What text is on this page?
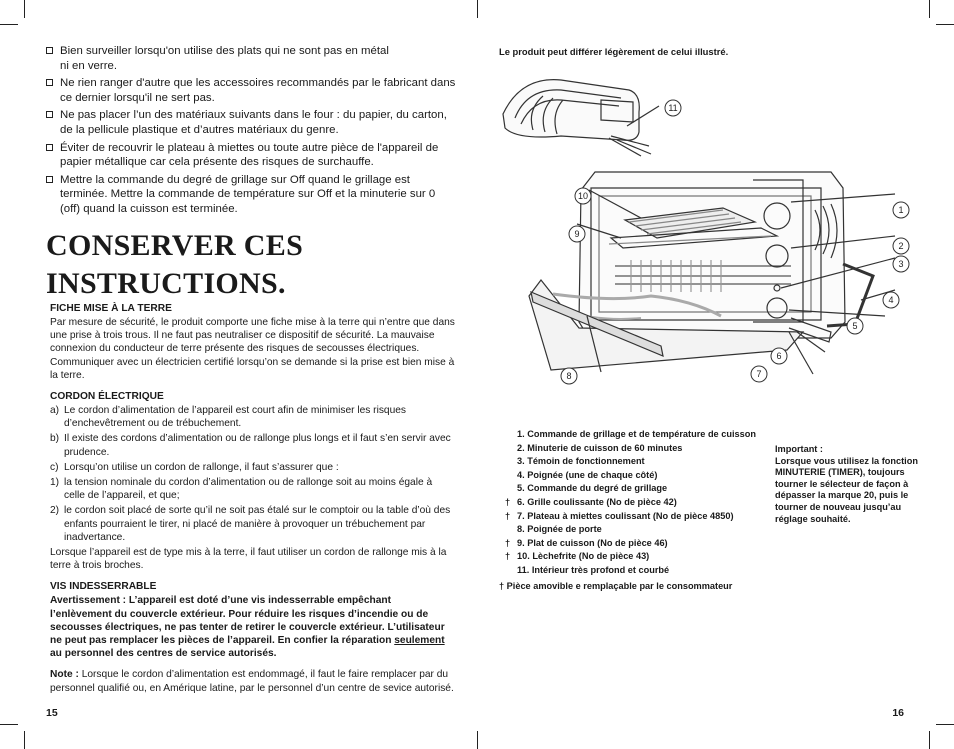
Bien surveiller lorsqu'on utilise des plats qui ne sont pas en métal
ni en verre.
Ne rien ranger d'autre que les accessoires recommandés par le fabricant dans ce dernier lorsqu'il ne sert pas.
Ne pas placer l’un des matériaux suivants dans le four : du papier, du carton, de la pellicule plastique et d’autres matériaux du genre.
Éviter de recouvrir le plateau à miettes ou toute autre pièce de l'appareil de papier métallique car cela présente des risques de surchauffe.
Mettre la commande du degré de grillage sur Off quand le grillage est terminée. Mettre la commande de température sur Off et la minuterie sur 0 (off) quand la cuisson est terminée.
CONSERVER CES INSTRUCTIONS.
FICHE MISE À LA TERRE

Par mesure de sécurité, le produit comporte une fiche mise à la terre qui n’entre que dans une prise à trois trous. Il ne faut pas neutraliser ce dispositif de sécurité. La mauvaise connexion du conducteur de terre présente des risques de secousses électriques. Communiquer avec un électricien certifié lorsqu’on se demande si la prise est bien mise à la terre.

CORDON ÉLECTRIQUE
a) Le cordon d’alimentation de l’appareil est court afin de minimiser les risques d’enchevêtrement ou de trébuchement.
b) Il existe des cordons d’alimentation ou de rallonge plus longs et il faut s’en servir avec prudence.
c) Lorsqu’on utilise un cordon de rallonge, il faut s’assurer que :
1) la tension nominale du cordon d’alimentation ou de rallonge soit au moins égale à celle de l’appareil, et que;
2) le cordon soit placé de sorte qu’il ne soit pas étalé sur le comptoir ou la table d’où des enfants pourraient le tirer, ni placé de manière à provoquer un trébuchement par inadvertance.

Lorsque l’appareil est de type mis à la terre, il faut utiliser un cordon de rallonge mis à la terre à trois broches.

VIS INDESSERRABLE

Avertissement : L’appareil est doté d’une vis indesserrable empêchant l’enlèvement du couvercle extérieur. Pour réduire les risques d’incendie ou de secousses électriques, ne pas tenter de retirer le couvercle extérieur. L’utilisateur ne peut pas remplacer les pièces de l’appareil. En confier la réparation seulement au personnel des centres de service autorisés.

Note : Lorsque le cordon d’alimentation est endommagé, il faut le faire remplacer par du personnel qualifié ou, en Amérique latine, par le personnel d’un centre de sevice autorisé.

15
Le produit peut différer légèrement de celui illustré.
1
2
3
4
5
6
7
8
9
10
11
1. Commande de grillage et de température de cuisson
2. Minuterie de cuisson de 60 minutes
3. Témoin de fonctionnement
4. Poignée (une de chaque côté)
5. Commande du degré de grillage
† 6. Grille coulissante (No de pièce 42)
† 7. Plateau à miettes coulissant (No de pièce 4850)
8. Poignée de porte
† 9. Plat de cuisson (No de pièce 46)
† 10. Lèchefrite (No de pièce 43)
11. Intérieur très profond et courbé
† Pièce amovible e remplaçable par le consommateur
Important :
Lorsque vous utilisez la fonction MINUTERIE (TIMER), toujours tourner le sélecteur de façon à dépasser la marque 20, puis le tourner de nouveau jusqu’au réglage souhaité.
16
